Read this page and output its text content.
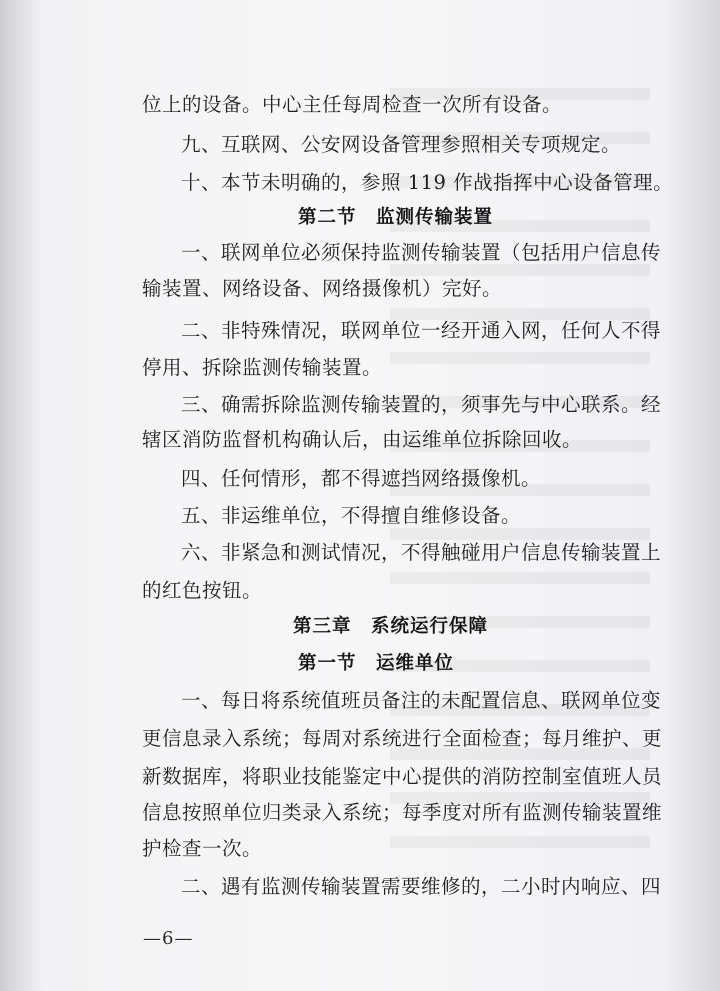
位上的设备。中心主任每周检查一次所有设备。
九、互联网、公安网设备管理参照相关专项规定。
十、本节未明确的，参照 119 作战指挥中心设备管理。
第二节　监测传输装置
一、联网单位必须保持监测传输装置（包括用户信息传
输装置、网络设备、网络摄像机）完好。
二、非特殊情况，联网单位一经开通入网，任何人不得
停用、拆除监测传输装置。
三、确需拆除监测传输装置的，须事先与中心联系。经
辖区消防监督机构确认后，由运维单位拆除回收。
四、任何情形，都不得遮挡网络摄像机。
五、非运维单位，不得擅自维修设备。
六、非紧急和测试情况，不得触碰用户信息传输装置上
的红色按钮。
第三章　系统运行保障
第一节　运维单位
一、每日将系统值班员备注的未配置信息、联网单位变
更信息录入系统；每周对系统进行全面检查；每月维护、更
新数据库，将职业技能鉴定中心提供的消防控制室值班人员
信息按照单位归类录入系统；每季度对所有监测传输装置维
护检查一次。
二、遇有监测传输装置需要维修的，二小时内响应、四
—6—
